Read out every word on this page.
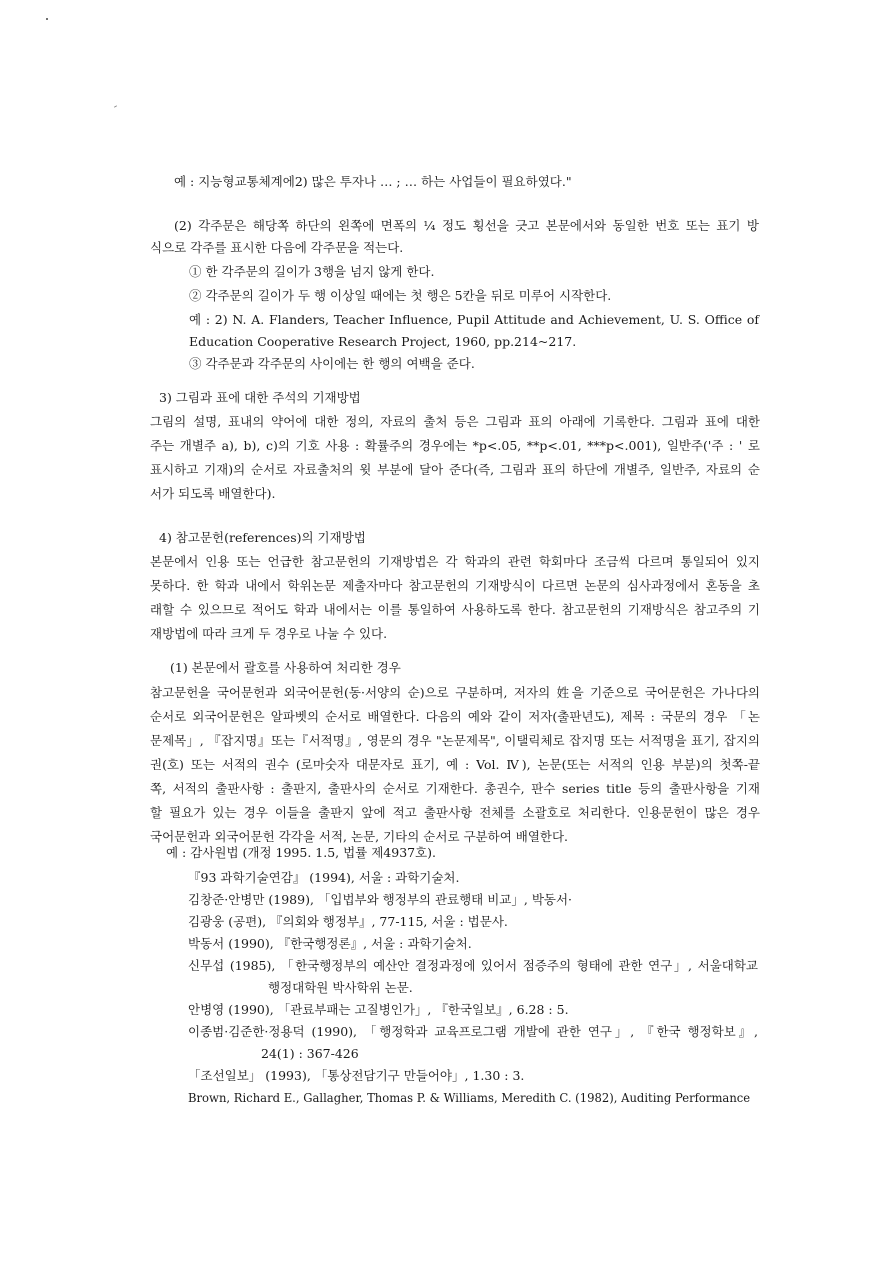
예 : 지능형교통체계에2) 많은 투자나 … ; … 하는 사업들이 필요하였다."
(2) 각주문은 해당쪽 하단의 왼쪽에 면폭의 ¼ 정도 횡선을 긋고 본문에서와 동일한 번호 또는 표기 방
식으로 각주를 표시한 다음에 각주문을 적는다.
① 한 각주문의 길이가 3행을 넘지 않게 한다.
② 각주문의 길이가 두 행 이상일 때에는 첫 행은 5칸을 뒤로 미루어 시작한다.
예 : 2) N. A. Flanders, Teacher Influence, Pupil Attitude and Achievement, U. S. Office of
Education Cooperative Research Project, 1960, pp.214~217.
③ 각주문과 각주문의 사이에는 한 행의 여백을 준다.
3) 그림과 표에 대한 주석의 기재방법
그림의 설명, 표내의 약어에 대한 정의, 자료의 출처 등은 그림과 표의 아래에 기록한다. 그림과 표에 대한
주는 개별주 a), b), c)의 기호 사용 : 확률주의 경우에는 *p<.05, **p<.01, ***p<.001), 일반주('주 : ' 로
표시하고 기재)의 순서로 자료출처의 윗 부분에 달아 준다(즉, 그림과 표의 하단에 개별주, 일반주, 자료의 순
서가 되도록 배열한다).
4) 참고문헌(references)의 기재방법
본문에서 인용 또는 언급한 참고문헌의 기재방법은 각 학과의 관련 학회마다 조금씩 다르며 통일되어 있지
못하다. 한 학과 내에서 학위논문 제출자마다 참고문헌의 기재방식이 다르면 논문의 심사과정에서 혼동을 초
래할 수 있으므로 적어도 학과 내에서는 이를 통일하여 사용하도록 한다. 참고문헌의 기재방식은 참고주의 기
재방법에 따라 크게 두 경우로 나눌 수 있다.
(1) 본문에서 괄호를 사용하여 처리한 경우
참고문헌을 국어문헌과 외국어문헌(동·서양의 순)으로 구분하며, 저자의 姓을 기준으로 국어문헌은 가나다의
순서로 외국어문헌은 알파벳의 순서로 배열한다. 다음의 예와 같이 저자(출판년도), 제목 : 국문의 경우 「논
문제목」, 『잡지명』또는『서적명』, 영문의 경우 "논문제목", 이탤릭체로 잡지명 또는 서적명을 표기, 잡지의
권(호) 또는 서적의 권수 (로마숫자 대문자로 표기, 예 : Vol. Ⅳ), 논문(또는 서적의 인용 부분)의 첫쪽-끝
쪽, 서적의 출판사항 : 출판지, 출판사의 순서로 기재한다. 총권수, 판수 series title 등의 출판사항을 기재
할 필요가 있는 경우 이들을 출판지 앞에 적고 출판사항 전체를 소괄호로 처리한다. 인용문헌이 많은 경우
국어문헌과 외국어문헌 각각을 서적, 논문, 기타의 순서로 구분하여 배열한다.
예 : 감사원법 (개정 1995. 1.5, 법률 제4937호).
『93 과학기술연감』 (1994), 서울 : 과학기술처.
김창준·안병만 (1989), 「입법부와 행정부의 관료행태 비교」, 박동서·
김광웅 (공편), 『의회와 행정부』, 77-115, 서울 : 법문사.
박동서 (1990), 『한국행정론』, 서울 : 과학기술처.
신무섭 (1985), 「한국행정부의 예산안 결정과정에 있어서 점증주의 형태에 관한 연구」, 서울대학교
행정대학원 박사학위 논문.
안병영 (1990), 「관료부패는 고질병인가」, 『한국일보』, 6.28 : 5.
이종범·김준한·정용덕 (1990), 「행정학과 교육프로그램 개발에 관한 연구」, 『한국 행정학보』,
24(1) : 367-426
「조선일보」 (1993), 「통상전담기구 만들어야」, 1.30 : 3.
Brown, Richard E., Gallagher, Thomas P. & Williams, Meredith C. (1982), Auditing Performance
